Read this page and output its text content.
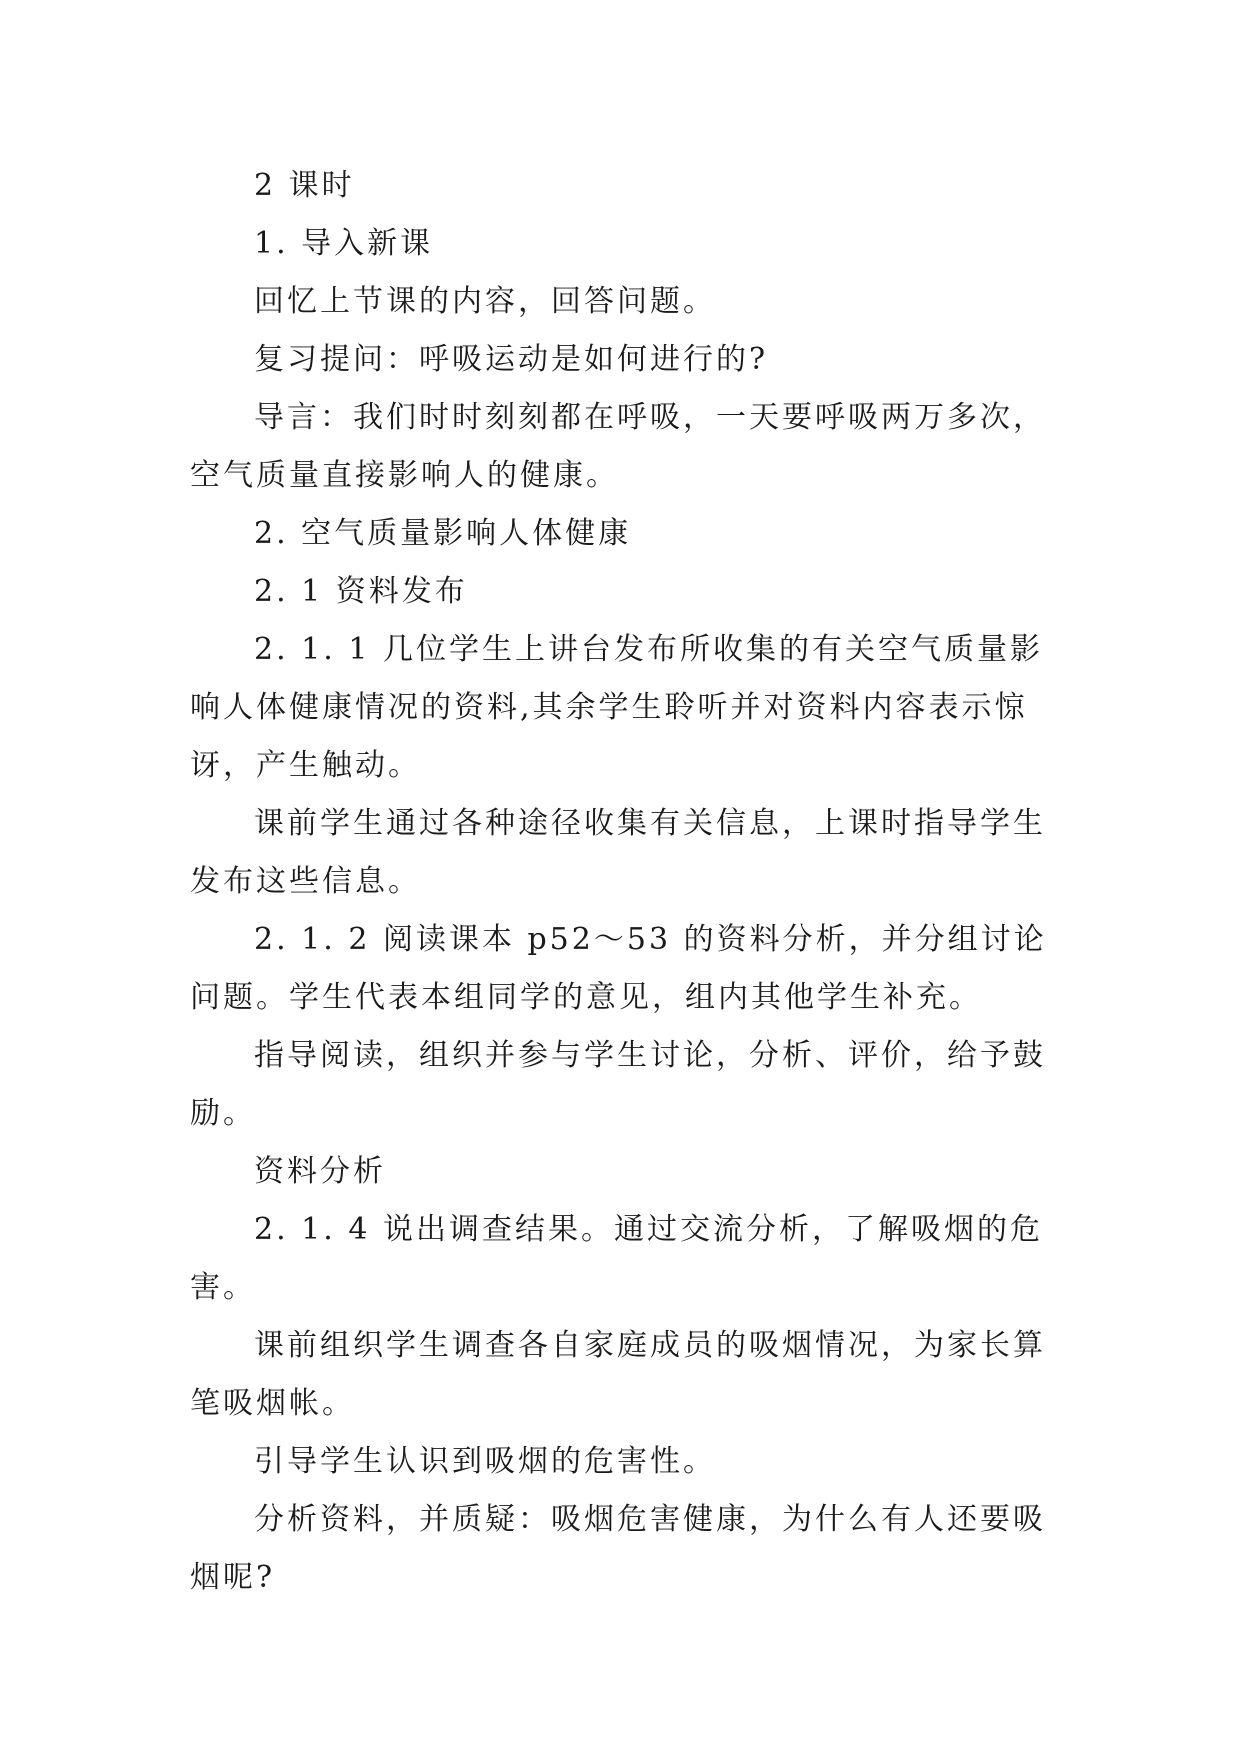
2 课时

1. 导入新课

回忆上节课的内容，回答问题。

复习提问：呼吸运动是如何进行的?

导言：我们时时刻刻都在呼吸，一天要呼吸两万多次，空气质量直接影响人的健康。

2. 空气质量影响人体健康

2. 1 资料发布

2. 1. 1 几位学生上讲台发布所收集的有关空气质量影响人体健康情况的资料,其余学生聆听并对资料内容表示惊讶，产生触动。

课前学生通过各种途径收集有关信息，上课时指导学生发布这些信息。

2. 1. 2 阅读课本 p52～53 的资料分析，并分组讨论问题。学生代表本组同学的意见，组内其他学生补充。

指导阅读，组织并参与学生讨论，分析、评价，给予鼓励。

资料分析

2. 1. 4 说出调查结果。通过交流分析，了解吸烟的危害。

课前组织学生调查各自家庭成员的吸烟情况，为家长算笔吸烟帐。

引导学生认识到吸烟的危害性。

分析资料，并质疑：吸烟危害健康，为什么有人还要吸烟呢?
